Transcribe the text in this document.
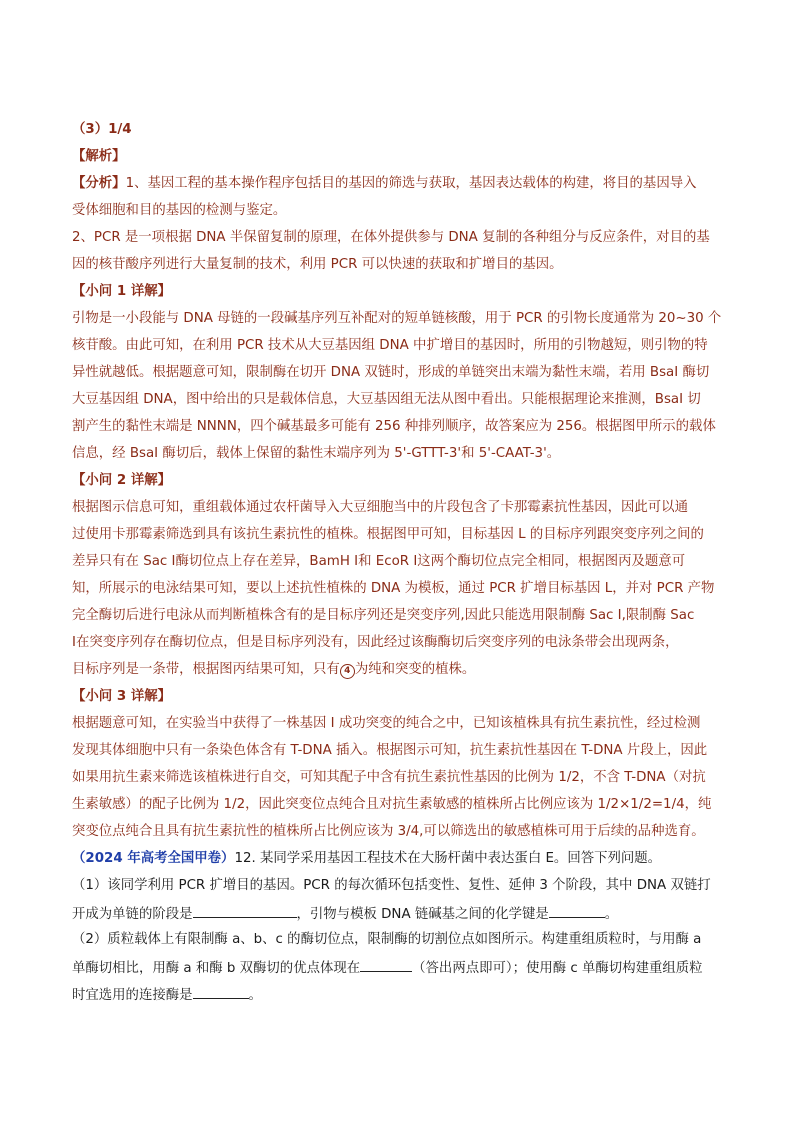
（3）1/4
【解析】
【分析】1、基因工程的基本操作程序包括目的基因的筛选与获取，基因表达载体的构建，将目的基因导入
受体细胞和目的基因的检测与鉴定。
2、PCR 是一项根据 DNA 半保留复制的原理，在体外提供参与 DNA 复制的各种组分与反应条件，对目的基
因的核苷酸序列进行大量复制的技术，利用 PCR 可以快速的获取和扩增目的基因。
【小问 1 详解】
引物是一小段能与 DNA 母链的一段碱基序列互补配对的短单链核酸，用于 PCR 的引物长度通常为 20~30 个
核苷酸。由此可知，在利用 PCR 技术从大豆基因组 DNA 中扩增目的基因时，所用的引物越短，则引物的特
异性就越低。根据题意可知，限制酶在切开 DNA 双链时，形成的单链突出末端为黏性末端，若用 BsaI 酶切
大豆基因组 DNA，图中给出的只是载体信息，大豆基因组无法从图中看出。只能根据理论来推测，BsaI 切
割产生的黏性末端是 NNNN，四个碱基最多可能有 256 种排列顺序，故答案应为 256。根据图甲所示的载体
信息，经 BsaI 酶切后，载体上保留的黏性末端序列为 5'-GTTT-3'和 5'-CAAT-3'。
【小问 2 详解】
根据图示信息可知，重组载体通过农杆菌导入大豆细胞当中的片段包含了卡那霉素抗性基因，因此可以通
过使用卡那霉素筛选到具有该抗生素抗性的植株。根据图甲可知，目标基因 L 的目标序列跟突变序列之间的
差异只有在 Sac Ⅰ酶切位点上存在差异，BamH Ⅰ和 EcoR Ⅰ这两个酶切位点完全相同，根据图丙及题意可
知，所展示的电泳结果可知，要以上述抗性植株的 DNA 为模板，通过 PCR 扩增目标基因 L，并对 PCR 产物
完全酶切后进行电泳从而判断植株含有的是目标序列还是突变序列,因此只能选用限制酶 Sac Ⅰ,限制酶 Sac
Ⅰ在突变序列存在酶切位点，但是目标序列没有，因此经过该酶酶切后突变序列的电泳条带会出现两条，
目标序列是一条带，根据图丙结果可知，只有 4 为纯和突变的植株。
【小问 3 详解】
根据题意可知，在实验当中获得了一株基因 I 成功突变的纯合之中，已知该植株具有抗生素抗性，经过检测
发现其体细胞中只有一条染色体含有 T-DNA 插入。根据图示可知，抗生素抗性基因在 T-DNA 片段上，因此
如果用抗生素来筛选该植株进行自交，可知其配子中含有抗生素抗性基因的比例为 1/2，不含 T-DNA（对抗
生素敏感）的配子比例为 1/2，因此突变位点纯合且对抗生素敏感的植株所占比例应该为 1/2×1/2=1/4，纯
突变位点纯合且具有抗生素抗性的植株所占比例应该为 3/4,可以筛选出的敏感植株可用于后续的品种选育。
（2024 年高考全国甲卷）12. 某同学采用基因工程技术在大肠杆菌中表达蛋白 E。回答下列问题。
（1）该同学利用 PCR 扩增目的基因。PCR 的每次循环包括变性、复性、延伸 3 个阶段，其中 DNA 双链打
开成为单链的阶段是	，引物与模板 DNA 链碱基之间的化学键是	。
（2）质粒载体上有限制酶 a、b、c 的酶切位点，限制酶的切割位点如图所示。构建重组质粒时，与用酶 a
单酶切相比，用酶 a 和酶 b 双酶切的优点体现在	（答出两点即可）；使用酶 c 单酶切构建重组质粒
时宜选用的连接酶是	。
